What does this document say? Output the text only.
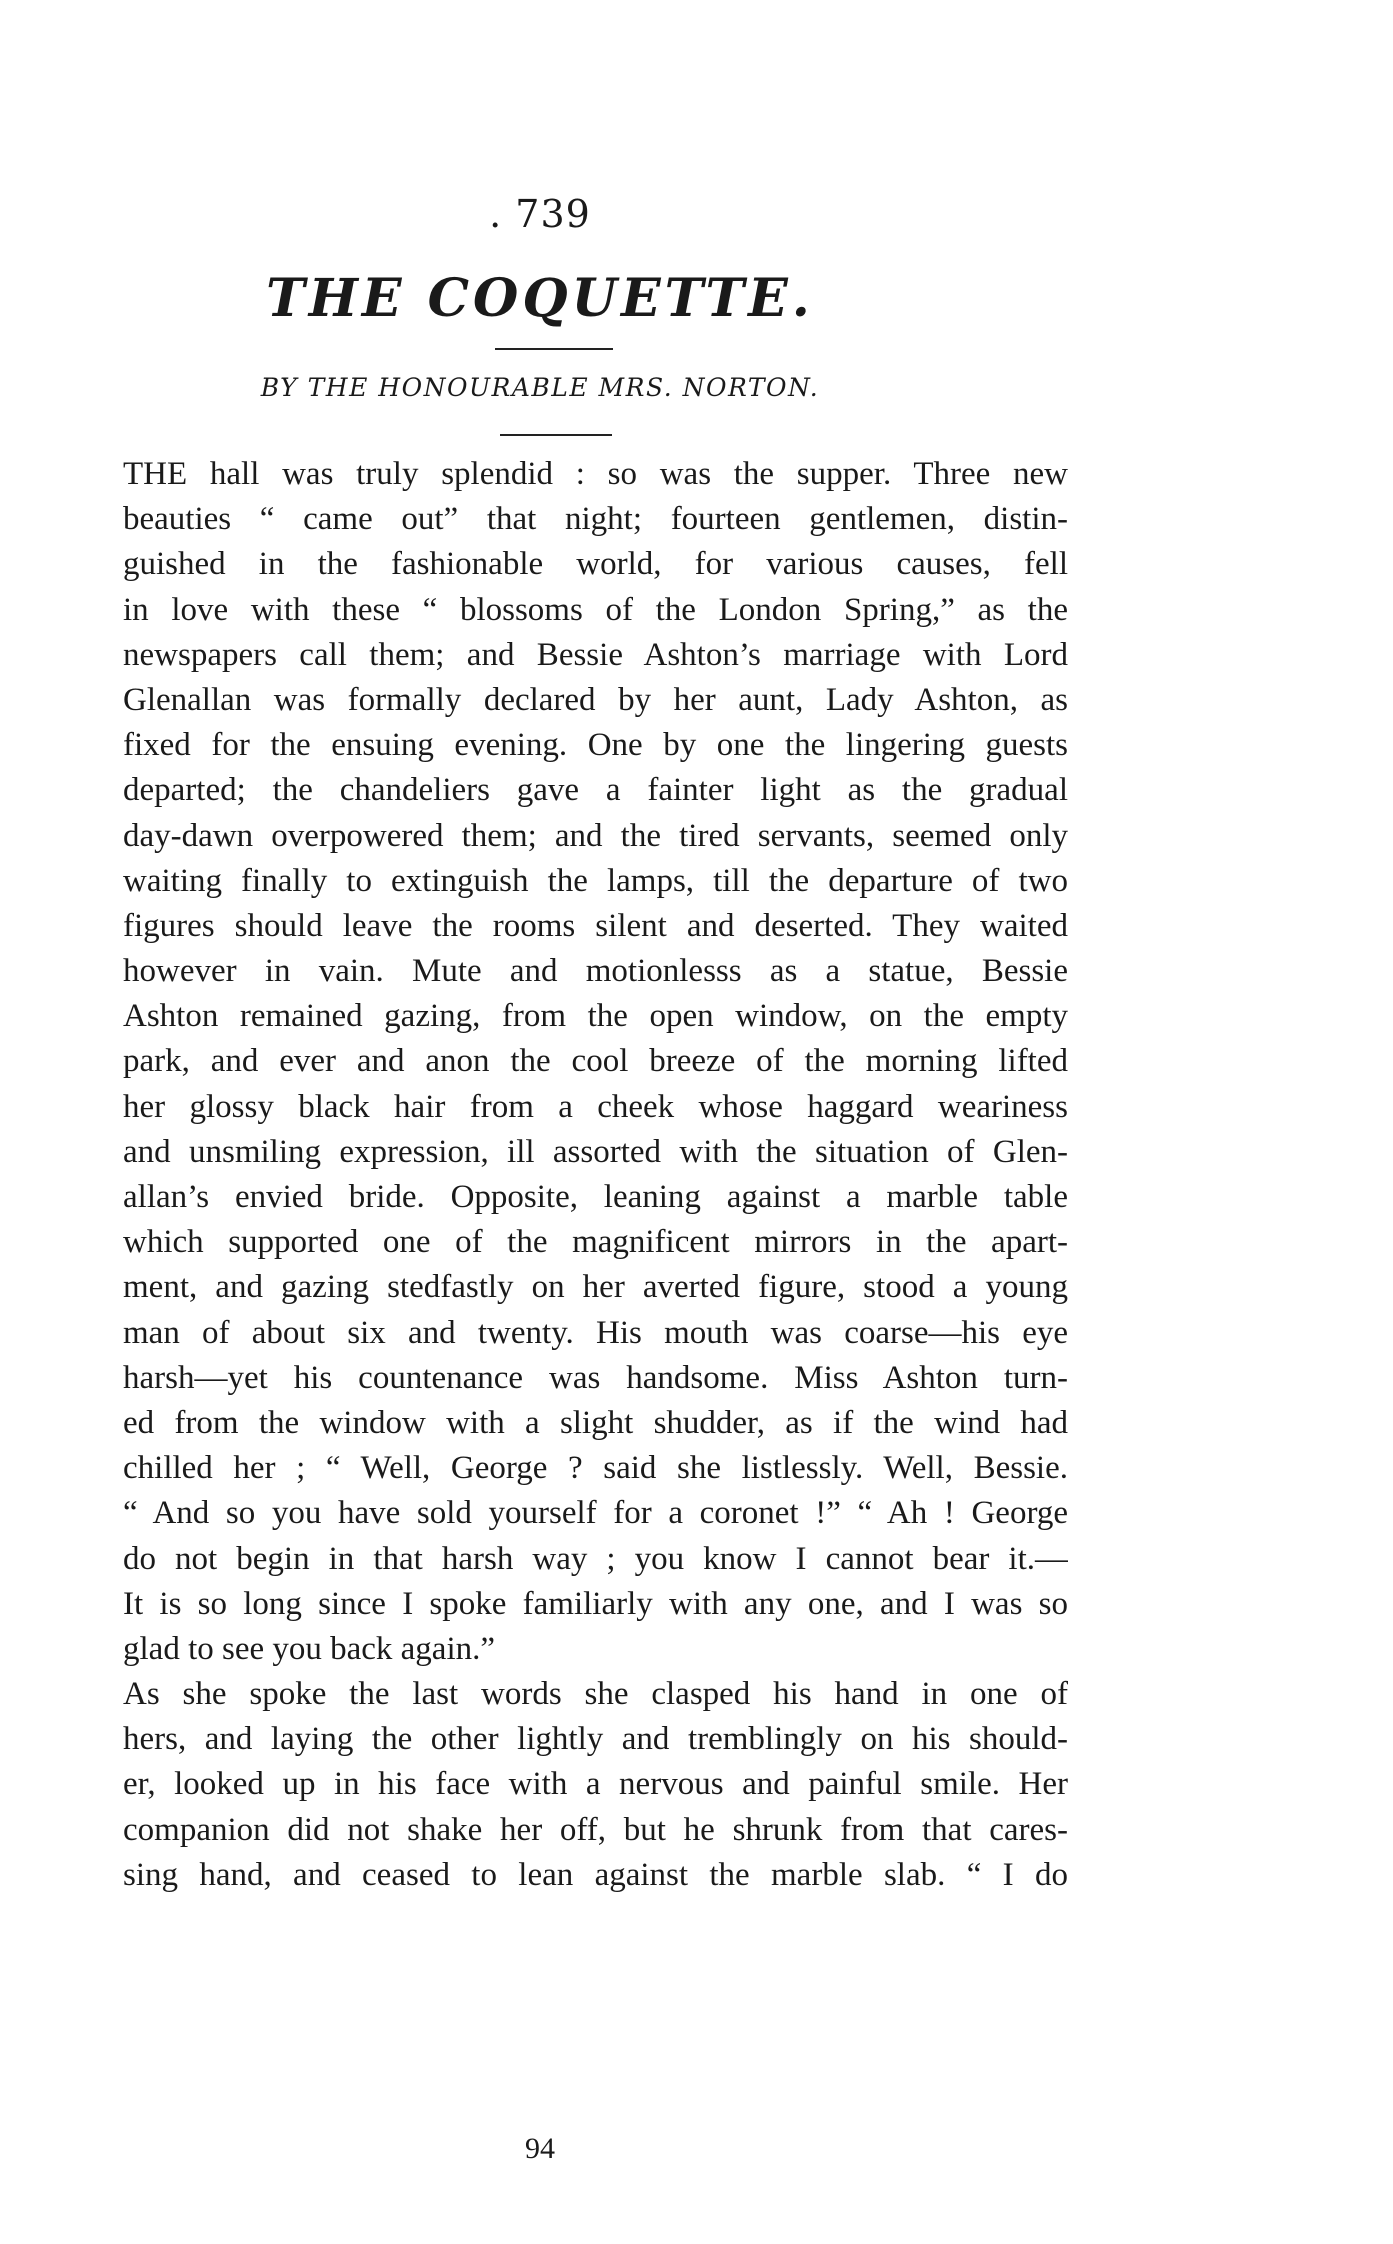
. 739
THE COQUETTE.
BY THE HONOURABLE MRS. NORTON.
THE hall was truly splendid : so was the supper. Three new
beauties “ came out” that night; fourteen gentlemen, distin-
guished in the fashionable world, for various causes, fell
in love with these “ blossoms of the London Spring,” as the
newspapers call them; and Bessie Ashton’s marriage with Lord
Glenallan was formally declared by her aunt, Lady Ashton, as
fixed for the ensuing evening. One by one the lingering guests
departed; the chandeliers gave a fainter light as the gradual
day-dawn overpowered them; and the tired servants, seemed only
waiting finally to extinguish the lamps, till the departure of two
figures should leave the rooms silent and deserted. They waited
however in vain. Mute and motionlesss as a statue, Bessie
Ashton remained gazing, from the open window, on the empty
park, and ever and anon the cool breeze of the morning lifted
her glossy black hair from a cheek whose haggard weariness
and unsmiling expression, ill assorted with the situation of Glen-
allan’s envied bride. Opposite, leaning against a marble table
which supported one of the magnificent mirrors in the apart-
ment, and gazing stedfastly on her averted figure, stood a young
man of about six and twenty. His mouth was coarse—his eye
harsh—yet his countenance was handsome. Miss Ashton turn-
ed from the window with a slight shudder, as if the wind had
chilled her ; “ Well, George ? said she listlessly. Well, Bessie.
“ And so you have sold yourself for a coronet !” “ Ah ! George
do not begin in that harsh way ; you know I cannot bear it.—
It is so long since I spoke familiarly with any one, and I was so
glad to see you back again.”
As she spoke the last words she clasped his hand in one of
hers, and laying the other lightly and tremblingly on his should-
er, looked up in his face with a nervous and painful smile. Her
companion did not shake her off, but he shrunk from that cares-
sing hand, and ceased to lean against the marble slab. “ I do
94
